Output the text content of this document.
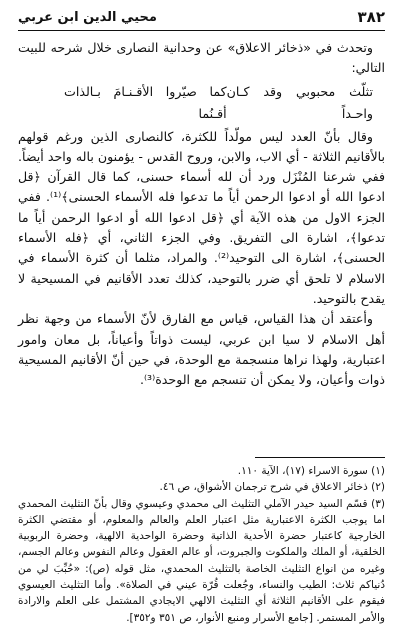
٣٨٢
محيي الدين ابن عربي

وتحدث في «ذخائر الاعلاق» عن وحدانية النصارى خلال شرحه للبيت التالي:

تثلّث محبوبي وقد كـان واحـداً
كما صيّروا الأقـنـامَ بـالذات أقـنُما

وقال بأنّ العدد ليس مولّداً للكثرة، كالنصارى الذين ورغم قولهم بالأقانيم الثلاثة - أي الاب، والابن، وروح القدس - يؤمنون باله واحد أيضاً. ففي شرعنا المُنْزَل ورد أن لله أسماء حسنى، كما قال القرآن ﴿قل ادعوا الله أو ادعوا الرحمن أياً ما تدعوا فله الأسماء الحسنى﴾⁽¹⁾. ففي الجزء الاول من هذه الآية أي ﴿قل ادعوا الله أو ادعوا الرحمن أياً ما تدعوا﴾، اشارة الى التفريق. وفي الجزء الثاني، أي ﴿فله الأسماء الحسنى﴾، اشارة الى التوحيد⁽²⁾. والمراد، مثلما أن كثرة الأسماء في الاسلام لا تلحق أي ضرر بالتوحيد، كذلك تعدد الأقانيم في المسيحية لا يقدح بالتوحيد.

وأعتقد أن هذا القياس، قياس مع الفارق لأنّ الأسماء من وجهة نظر أهل الاسلام لا سيا ابن عربي، ليست ذواتاً وأعياناً، بل معان وامور اعتبارية، ولهذا نراها منسجمة مع الوحدة، في حين أنّ الأقانيم المسيحية ذوات وأعيان، ولا يمكن أن تنسجم مع الوحدة⁽³⁾.

(١) سورة الاسراء (١٧)، الآية ١١٠.

(٢) ذخائر الاعلاق في شرح ترجمان الأشواق، ص ٤٦.

(٣) قسّم السيد حيدر الآملي التثليث الى محمدي وعيسوي وقال بأنّ التثليث المحمدي اما يوجب الكثرة الاعتبارية مثل اعتبار العلم والعالم والمعلوم، أو مقتضي الكثرة الخارجية كاعتبار حضرة الأحدية الذاتية وحضرة الواحدية الالهية، وحضرة الربوبية الخلقية، أو الملك والملكوت والجبروت، أو عالم العقول وعالم النفوس وعالم الجسم، وغيره من انواع التثليث الخاصة بالتثليث المحمدي، مثل قوله (ص): «حُبِّبَ لي من دُنياكم ثلاث: الطيب والنساء، وجُعلت قُرّة عيني في الصلاة». وأما التثليث العيسوي فيقوم على الأقانيم الثلاثة أي التثليث الالهي الايجادي المشتمل على العلم والارادة والأمر المستمر. [جامع الأسرار ومنبع الأنوار، ص ٣٥١ و٣٥٢].
